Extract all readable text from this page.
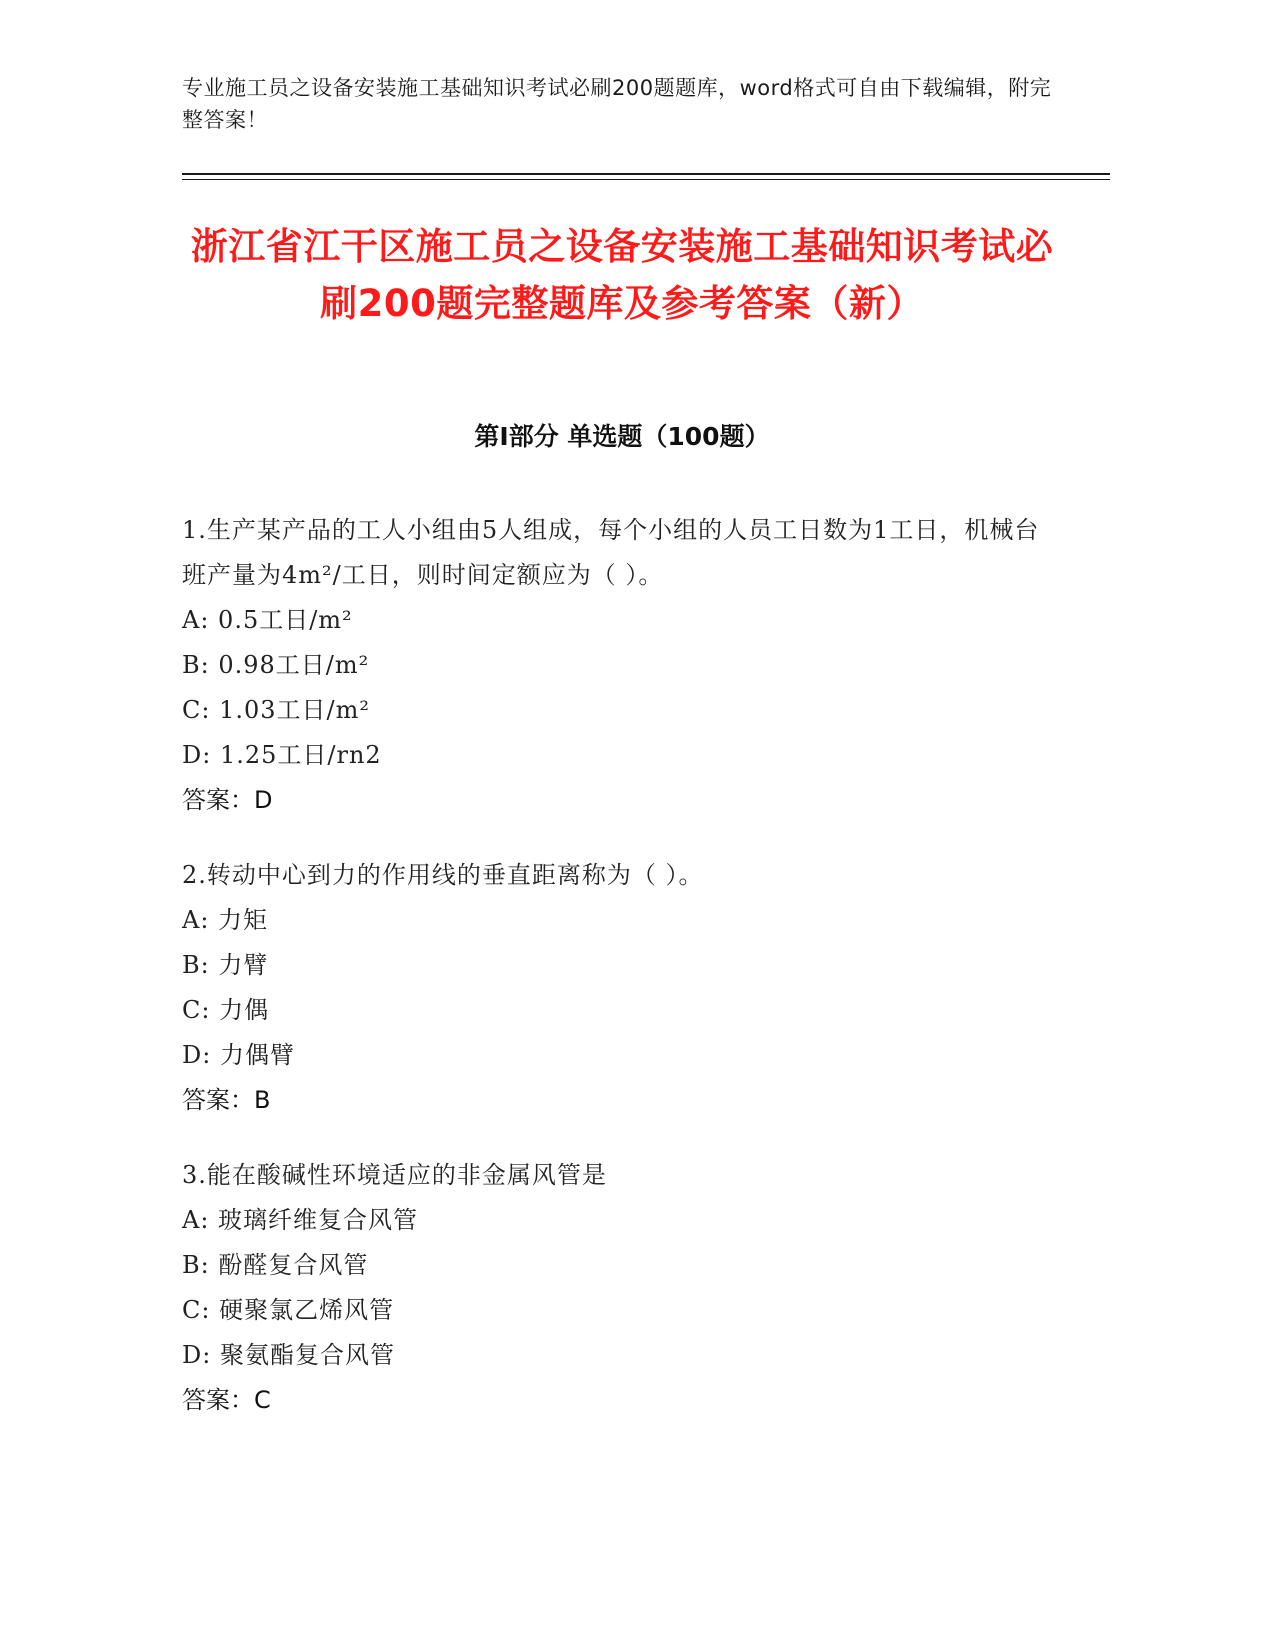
专业施工员之设备安装施工基础知识考试必刷200题题库，word格式可自由下载编辑，附完整答案！
浙江省江干区施工员之设备安装施工基础知识考试必刷200题完整题库及参考答案（新）
第I部分 单选题（100题）
1.生产某产品的工人小组由5人组成，每个小组的人员工日数为1工日，机械台班产量为4m²/工日，则时间定额应为（ ）。
A: 0.5工日/m²
B: 0.98工日/m²
C: 1.03工日/m²
D: 1.25工日/rn2
答案：D
2.转动中心到力的作用线的垂直距离称为（ ）。
A: 力矩
B: 力臂
C: 力偶
D: 力偶臂
答案：B
3.能在酸碱性环境适应的非金属风管是
A: 玻璃纤维复合风管
B: 酚醛复合风管
C: 硬聚氯乙烯风管
D: 聚氨酯复合风管
答案：C
